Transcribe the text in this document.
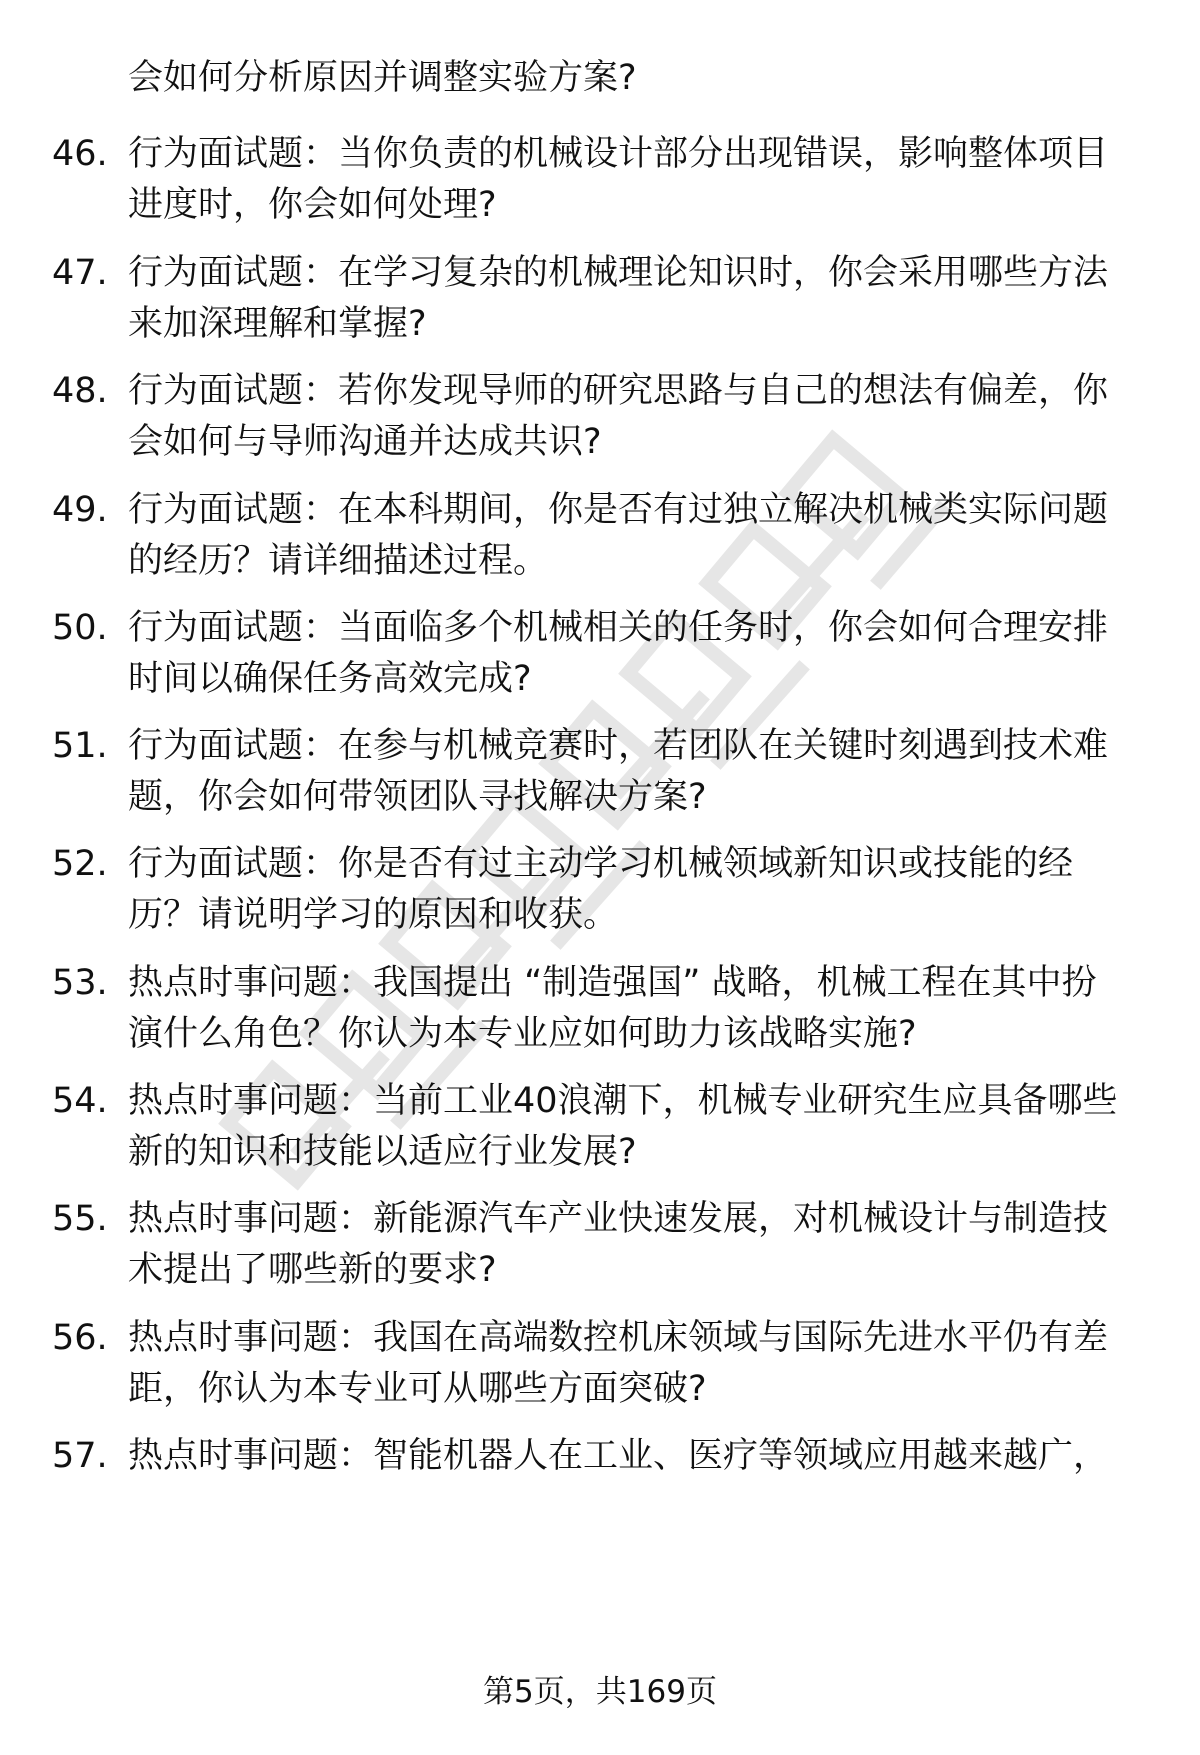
会如何分析原因并调整实验方案?
46. 行为面试题：当你负责的机械设计部分出现错误，影响整体项目
进度时，你会如何处理?
47. 行为面试题：在学习复杂的机械理论知识时，你会采用哪些方法
来加深理解和掌握?
48. 行为面试题：若你发现导师的研究思路与自己的想法有偏差，你
会如何与导师沟通并达成共识?
49. 行为面试题：在本科期间，你是否有过独立解决机械类实际问题
的经历？请详细描述过程。
50. 行为面试题：当面临多个机械相关的任务时，你会如何合理安排
时间以确保任务高效完成?
51. 行为面试题：在参与机械竞赛时，若团队在关键时刻遇到技术难
题，你会如何带领团队寻找解决方案?
52. 行为面试题：你是否有过主动学习机械领域新知识或技能的经
历？请说明学习的原因和收获。
53. 热点时事问题：我国提出 “制造强国” 战略，机械工程在其中扮
演什么角色？你认为本专业应如何助力该战略实施?
54. 热点时事问题：当前工业40浪潮下，机械专业研究生应具备哪些
新的知识和技能以适应行业发展?
55. 热点时事问题：新能源汽车产业快速发展，对机械设计与制造技
术提出了哪些新的要求?
56. 热点时事问题：我国在高端数控机床领域与国际先进水平仍有差
距，你认为本专业可从哪些方面突破?
57. 热点时事问题：智能机器人在工业、医疗等领域应用越来越广，
第5页，共169页
